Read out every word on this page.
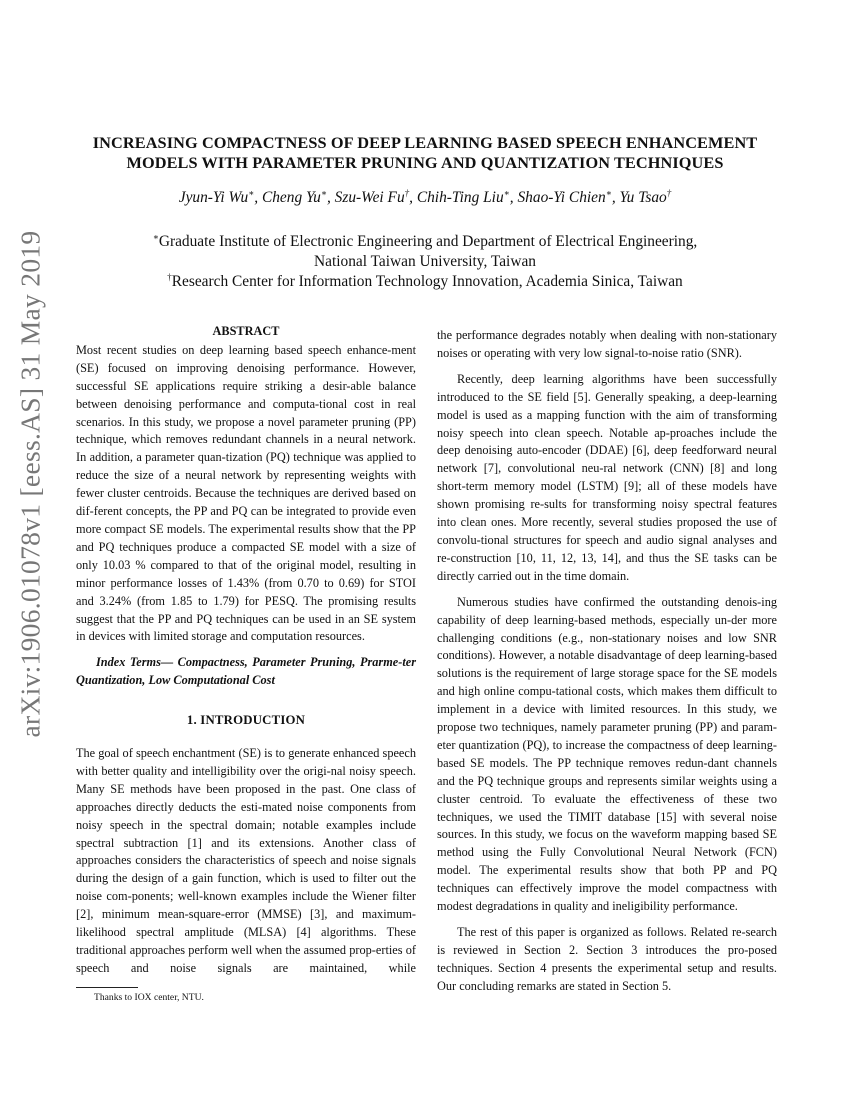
arXiv:1906.01078v1 [eess.AS] 31 May 2019
INCREASING COMPACTNESS OF DEEP LEARNING BASED SPEECH ENHANCEMENT
MODELS WITH PARAMETER PRUNING AND QUANTIZATION TECHNIQUES
Jyun-Yi Wu∗, Cheng Yu∗, Szu-Wei Fu†, Chih-Ting Liu∗, Shao-Yi Chien∗, Yu Tsao†
∗Graduate Institute of Electronic Engineering and Department of Electrical Engineering,
National Taiwan University, Taiwan
†Research Center for Information Technology Innovation, Academia Sinica, Taiwan
ABSTRACT

Most recent studies on deep learning based speech enhance-ment (SE) focused on improving denoising performance. However, successful SE applications require striking a desir-able balance between denoising performance and computa-tional cost in real scenarios. In this study, we propose a novel parameter pruning (PP) technique, which removes redundant channels in a neural network. In addition, a parameter quan-tization (PQ) technique was applied to reduce the size of a neural network by representing weights with fewer cluster centroids. Because the techniques are derived based on dif-ferent concepts, the PP and PQ can be integrated to provide even more compact SE models. The experimental results show that the PP and PQ techniques produce a compacted SE model with a size of only 10.03 % compared to that of the original model, resulting in minor performance losses of 1.43% (from 0.70 to 0.69) for STOI and 3.24% (from 1.85 to 1.79) for PESQ. The promising results suggest that the PP and PQ techniques can be used in an SE system in devices with limited storage and computation resources.

Index Terms— Compactness, Parameter Pruning, Prarme-ter Quantization, Low Computational Cost

1. INTRODUCTION

The goal of speech enchantment (SE) is to generate enhanced speech with better quality and intelligibility over the origi-nal noisy speech. Many SE methods have been proposed in the past. One class of approaches directly deducts the esti-mated noise components from noisy speech in the spectral domain; notable examples include spectral subtraction [1] and its extensions. Another class of approaches considers the characteristics of speech and noise signals during the design of a gain function, which is used to filter out the noise com-ponents; well-known examples include the Wiener filter [2], minimum mean-square-error (MMSE) [3], and maximum-likelihood spectral amplitude (MLSA) [4] algorithms. These traditional approaches perform well when the assumed prop-erties of speech and noise signals are maintained, while

the performance degrades notably when dealing with non-stationary noises or operating with very low signal-to-noise ratio (SNR).

Recently, deep learning algorithms have been successfully introduced to the SE field [5]. Generally speaking, a deep-learning model is used as a mapping function with the aim of transforming noisy speech into clean speech. Notable ap-proaches include the deep denoising auto-encoder (DDAE) [6], deep feedforward neural network [7], convolutional neu-ral network (CNN) [8] and long short-term memory model (LSTM) [9]; all of these models have shown promising re-sults for transforming noisy spectral features into clean ones. More recently, several studies proposed the use of convolu-tional structures for speech and audio signal analyses and re-construction [10, 11, 12, 13, 14], and thus the SE tasks can be directly carried out in the time domain.

Numerous studies have confirmed the outstanding denois-ing capability of deep learning-based methods, especially un-der more challenging conditions (e.g., non-stationary noises and low SNR conditions). However, a notable disadvantage of deep learning-based solutions is the requirement of large storage space for the SE models and high online compu-tational costs, which makes them difficult to implement in a device with limited resources. In this study, we propose two techniques, namely parameter pruning (PP) and param-eter quantization (PQ), to increase the compactness of deep learning-based SE models. The PP technique removes redun-dant channels and the PQ technique groups and represents similar weights using a cluster centroid. To evaluate the effectiveness of these two techniques, we used the TIMIT database [15] with several noise sources. In this study, we focus on the waveform mapping based SE method using the Fully Convolutional Neural Network (FCN) model. The experimental results show that both PP and PQ techniques can effectively improve the model compactness with modest degradations in quality and ineligibility performance.

The rest of this paper is organized as follows. Related re-search is reviewed in Section 2. Section 3 introduces the pro-posed techniques. Section 4 presents the experimental setup and results. Our concluding remarks are stated in Section 5.

Thanks to IOX center, NTU.
